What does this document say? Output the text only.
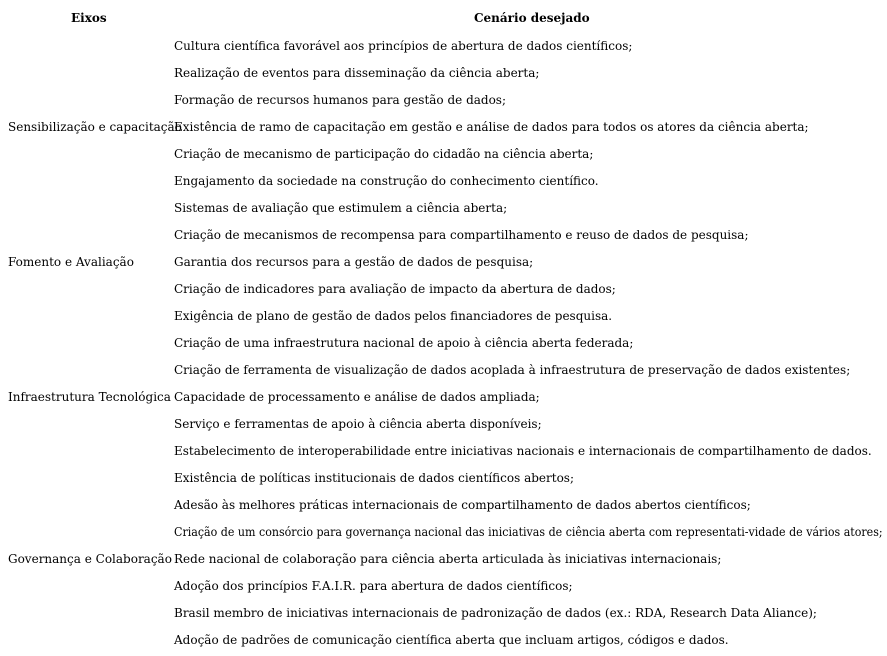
Eixos	Cenário desejado
Cultura científica favorável aos princípios de abertura de dados científicos;
Realização de eventos para disseminação da ciência aberta;
Formação de recursos humanos para gestão de dados;
Sensibilização e capacitação
Existência de ramo de capacitação em gestão e análise de dados para todos os atores da ciência aberta;
Criação de mecanismo de participação do cidadão na ciência aberta;
Engajamento da sociedade na construção do conhecimento científico.
Sistemas de avaliação que estimulem a ciência aberta;
Criação de mecanismos de recompensa para compartilhamento e reuso de dados de pesquisa;
Fomento e Avaliação	Garantia dos recursos para a gestão de dados de pesquisa;
Criação de indicadores para avaliação de impacto da abertura de dados;
Exigência de plano de gestão de dados pelos financiadores de pesquisa.
Criação de uma infraestrutura nacional de apoio à ciência aberta federada;
Criação de ferramenta de visualização de dados acoplada à infraestrutura de preservação de dados existentes;
Infraestrutura Tecnológica Capacidade de processamento e análise de dados ampliada;
Serviço e ferramentas de apoio à ciência aberta disponíveis;
Estabelecimento de interoperabilidade entre iniciativas nacionais e internacionais de compartilhamento de dados.
Existência de políticas institucionais de dados científicos abertos;
Adesão às melhores práticas internacionais de compartilhamento de dados abertos científicos;
Criação de um consórcio para governança nacional das iniciativas de ciência aberta com representati-vidade de vários atores;
Governança e Colaboração Rede nacional de colaboração para ciência aberta articulada às iniciativas internacionais;
Adoção dos princípios F.A.I.R. para abertura de dados científicos;
Brasil membro de iniciativas internacionais de padronização de dados (ex.: RDA, Research Data Aliance);
Adoção de padrões de comunicação científica aberta que incluam artigos, códigos e dados.
